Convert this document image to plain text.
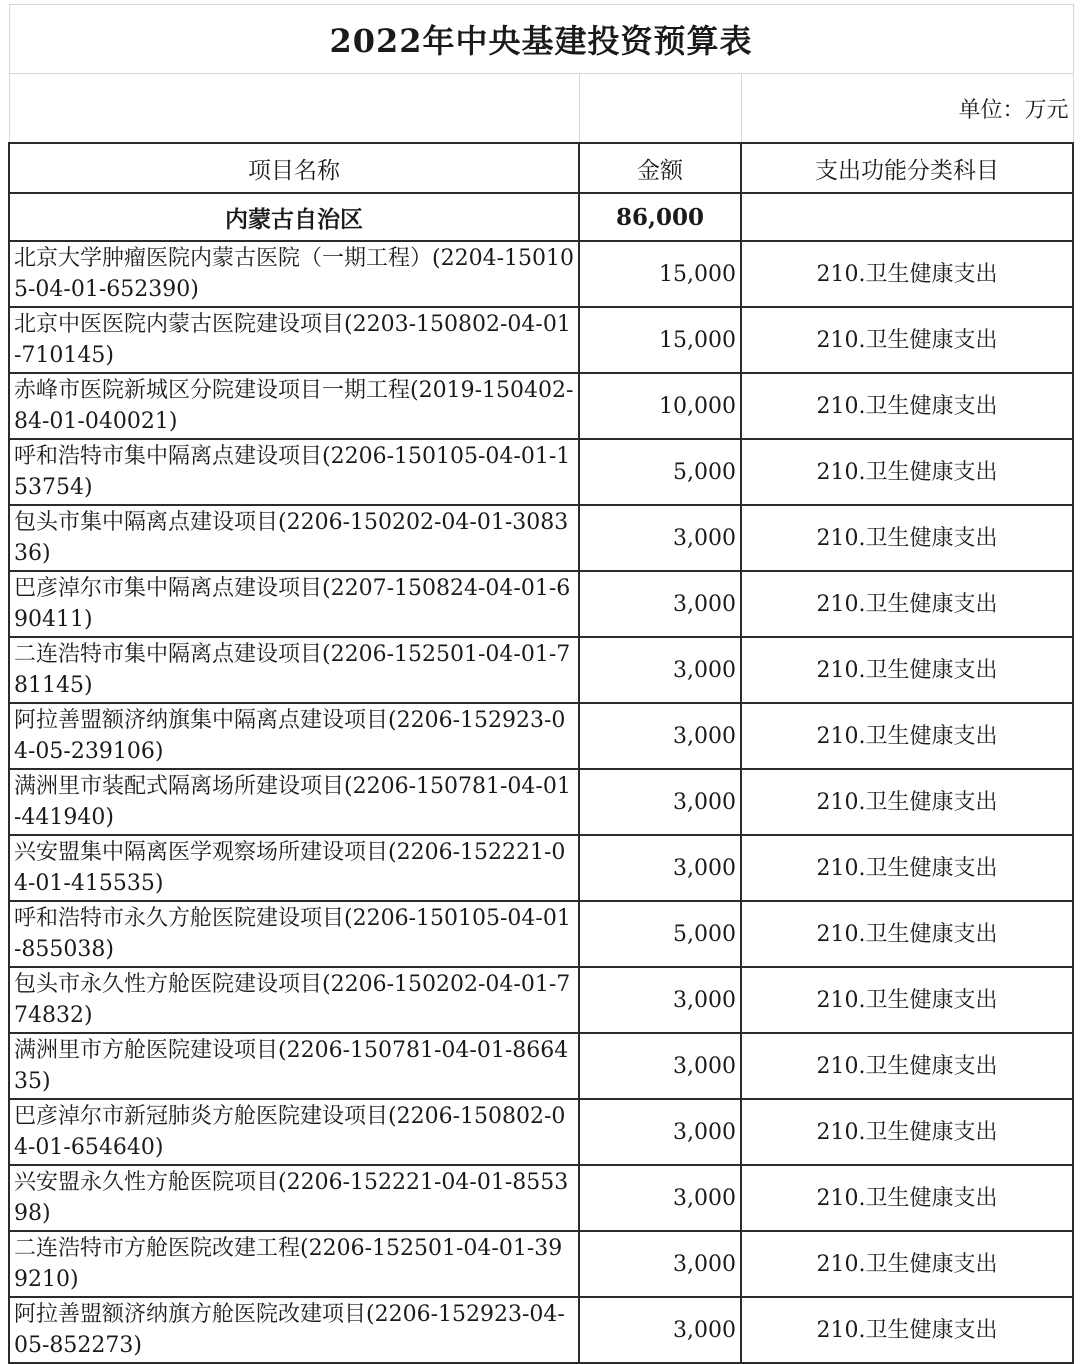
2022年中央基建投资预算表		
		单位：万元
项目名称	金额	支出功能分类科目
内蒙古自治区	86,000	
北京大学肿瘤医院内蒙古医院（一期工程）(2204-150105-04-01-652390)	15,000	210.卫生健康支出
北京中医医院内蒙古医院建设项目(2203-150802-04-01-710145)	15,000	210.卫生健康支出
赤峰市医院新城区分院建设项目一期工程(2019-150402-84-01-040021)	10,000	210.卫生健康支出
呼和浩特市集中隔离点建设项目(2206-150105-04-01-153754)	5,000	210.卫生健康支出
包头市集中隔离点建设项目(2206-150202-04-01-308336)	3,000	210.卫生健康支出
巴彦淖尔市集中隔离点建设项目(2207-150824-04-01-690411)	3,000	210.卫生健康支出
二连浩特市集中隔离点建设项目(2206-152501-04-01-781145)	3,000	210.卫生健康支出
阿拉善盟额济纳旗集中隔离点建设项目(2206-152923-04-05-239106)	3,000	210.卫生健康支出
满洲里市装配式隔离场所建设项目(2206-150781-04-01-441940)	3,000	210.卫生健康支出
兴安盟集中隔离医学观察场所建设项目(2206-152221-04-01-415535)	3,000	210.卫生健康支出
呼和浩特市永久方舱医院建设项目(2206-150105-04-01-855038)	5,000	210.卫生健康支出
包头市永久性方舱医院建设项目(2206-150202-04-01-774832)	3,000	210.卫生健康支出
满洲里市方舱医院建设项目(2206-150781-04-01-866435)	3,000	210.卫生健康支出
巴彦淖尔市新冠肺炎方舱医院建设项目(2206-150802-04-01-654640)	3,000	210.卫生健康支出
兴安盟永久性方舱医院项目(2206-152221-04-01-855398)	3,000	210.卫生健康支出
二连浩特市方舱医院改建工程(2206-152501-04-01-399210)	3,000	210.卫生健康支出
阿拉善盟额济纳旗方舱医院改建项目(2206-152923-04-05-852273)	3,000	210.卫生健康支出
